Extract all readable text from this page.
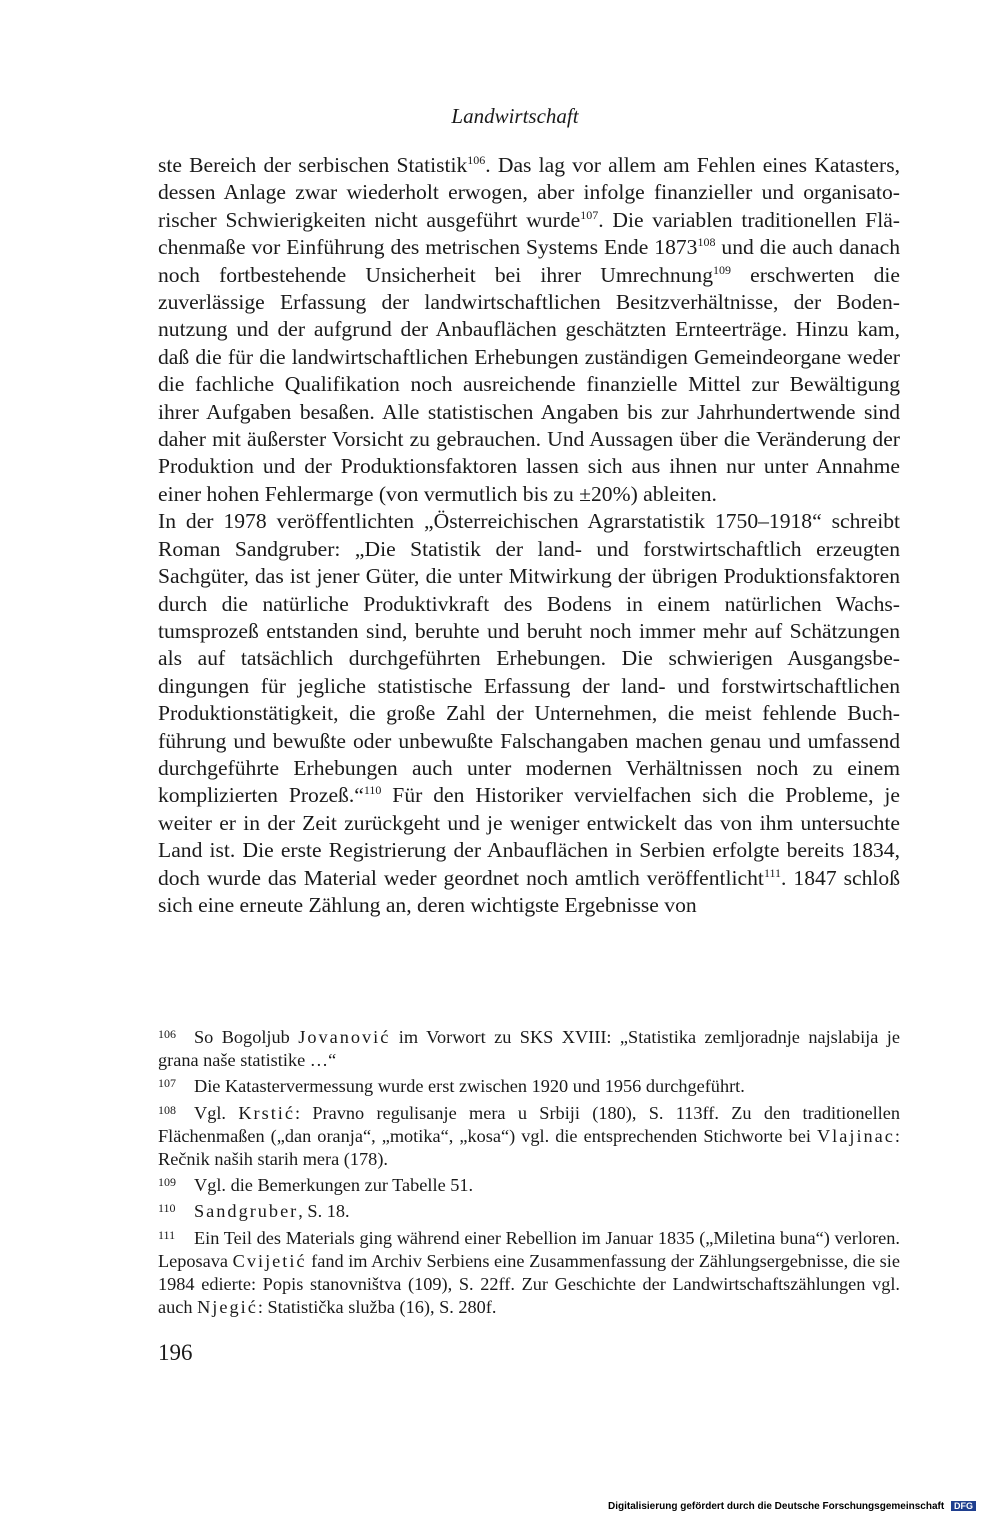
Landwirtschaft

ste Bereich der serbischen Statistik$^{106}$. Das lag vor allem am Fehlen eines Katasters, dessen Anlage zwar wiederholt erwogen, aber infolge finanzieller und organisatorischer Schwierigkeiten nicht ausgeführt wurde$^{107}$. Die variablen traditionellen Flächenmaße vor Einführung des metrischen Systems Ende 1873$^{108}$ und die auch danach noch fortbestehende Unsicherheit bei ihrer Umrechnung$^{109}$ erschwerten die zuverlässige Erfassung der landwirtschaftlichen Besitzverhältnisse, der Bodennutzung und der aufgrund der Anbauflächen geschätzten Ernteerträge. Hinzu kam, daß die für die landwirtschaftlichen Erhebungen zuständigen Gemeindeorgane weder die fachliche Qualifikation noch ausreichende finanzielle Mittel zur Bewältigung ihrer Aufgaben besaßen. Alle statistischen Angaben bis zur Jahrhundertwende sind daher mit äußerster Vorsicht zu gebrauchen. Und Aussagen über die Veränderung der Produktion und der Produktionsfaktoren lassen sich aus ihnen nur unter Annahme einer hohen Fehlermarge (von vermutlich bis zu ±20%) ableiten.

In der 1978 veröffentlichten „Österreichischen Agrarstatistik 1750–1918“ schreibt Roman Sandgruber: „Die Statistik der land- und forstwirtschaftlich erzeugten Sachgüter, das ist jener Güter, die unter Mitwirkung der übrigen Produktionsfaktoren durch die natürliche Produktivkraft des Bodens in einem natürlichen Wachstumsprozeß entstanden sind, beruhte und beruht noch immer mehr auf Schätzungen als auf tatsächlich durchgeführten Erhebungen. Die schwierigen Ausgangsbedingungen für jegliche statistische Erfassung der land- und forstwirtschaftlichen Produktionstätigkeit, die große Zahl der Unternehmen, die meist fehlende Buchführung und bewußte oder unbewußte Falschangaben machen genau und umfassend durchgeführte Erhebungen auch unter modernen Verhältnissen noch zu einem komplizierten Prozeß.“$^{110}$ Für den Historiker vervielfachen sich die Probleme, je weiter er in der Zeit zurückgeht und je weniger entwickelt das von ihm untersuchte Land ist. Die erste Registrierung der Anbauflächen in Serbien erfolgte bereits 1834, doch wurde das Material weder geordnet noch amtlich veröffentlicht$^{111}$. 1847 schloß sich eine erneute Zählung an, deren wichtigste Ergebnisse von

106 So Bogoljub Jovanović im Vorwort zu SKS XVIII: „Statistika zemljoradnje najslabija je grana naše statistike …“

107 Die Katastervermessung wurde erst zwischen 1920 und 1956 durchgeführt.

108 Vgl. Krstić: Pravno regulisanje mera u Srbiji (180), S. 113ff. Zu den traditionellen Flächenmaßen („dan oranja“, „motika“, „kosa“) vgl. die entsprechenden Stichworte bei Vlajinac: Rečnik naših starih mera (178).

109 Vgl. die Bemerkungen zur Tabelle 51.

110 Sandgruber, S. 18.

111 Ein Teil des Materials ging während einer Rebellion im Januar 1835 („Miletina buna“) verloren. Leposava Cvijetić fand im Archiv Serbiens eine Zusammenfassung der Zählungsergebnisse, die sie 1984 edierte: Popis stanovništva (109), S. 22ff. Zur Geschichte der Landwirtschaftszählungen vgl. auch Njegić: Statistička služba (16), S. 280f.

196
Digitalisierung gefördert durch die Deutsche Forschungsgemeinschaft DFG
